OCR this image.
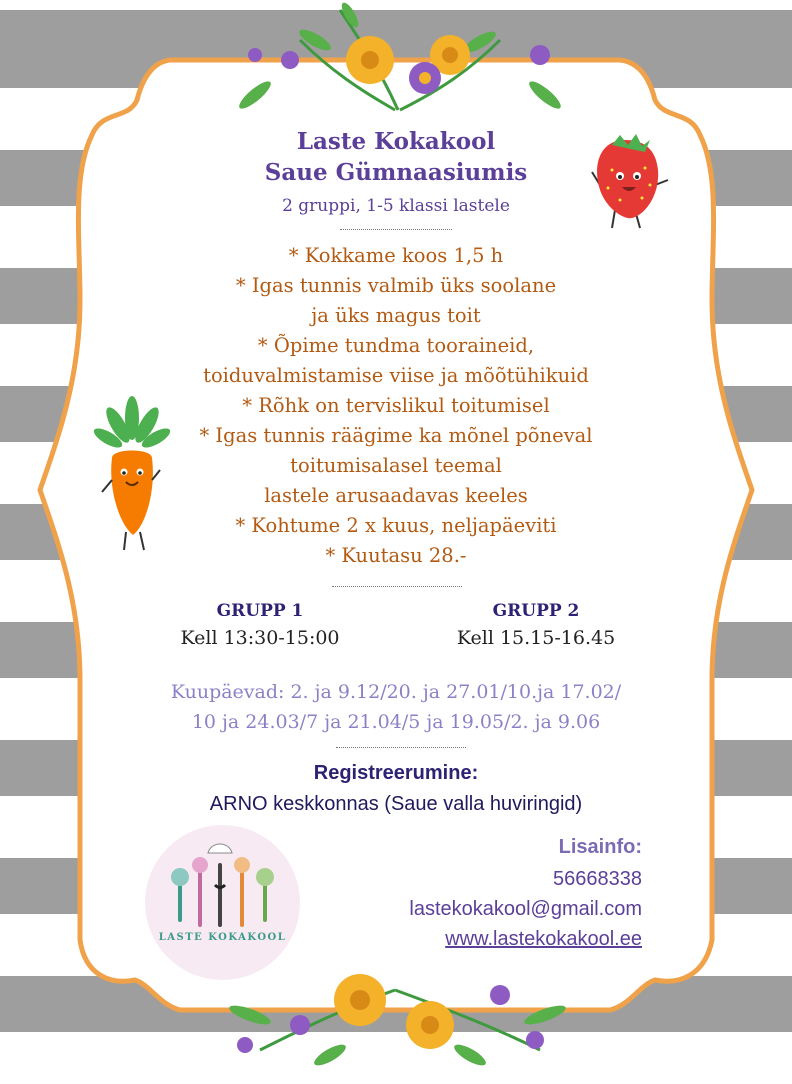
Laste Kokakool

Saue Gümnaasiumis

2 gruppi, 1-5 klassi lastele

* Kokkame koos 1,5 h

* Igas tunnis valmib üks soolane

ja üks magus toit

* Õpime tundma tooraineid,

toiduvalmistamise viise ja mõõtühikuid

* Rõhk on tervislikul toitumisel

* Igas tunnis räägime ka mõnel põneval

toitumisalasel teemal

lastele arusaadavas keeles

* Kohtume 2 x kuus, neljapäeviti

* Kuutasu 28.-

GRUPP 1
Kell 13:30-15:00
GRUPP 2
Kell 15.15-16.45

Kuupäevad: 2. ja 9.12/20. ja 27.01/10.ja 17.02/

10 ja 24.03/7 ja 21.04/5 ja 19.05/2. ja 9.06

Registreerumine:

ARNO keskkonnas (Saue valla huviringid)

LASTE KOKAKOOL
Lisainfo:
56668338
lastekokakool@gmail.com
www.lastekokakool.ee
